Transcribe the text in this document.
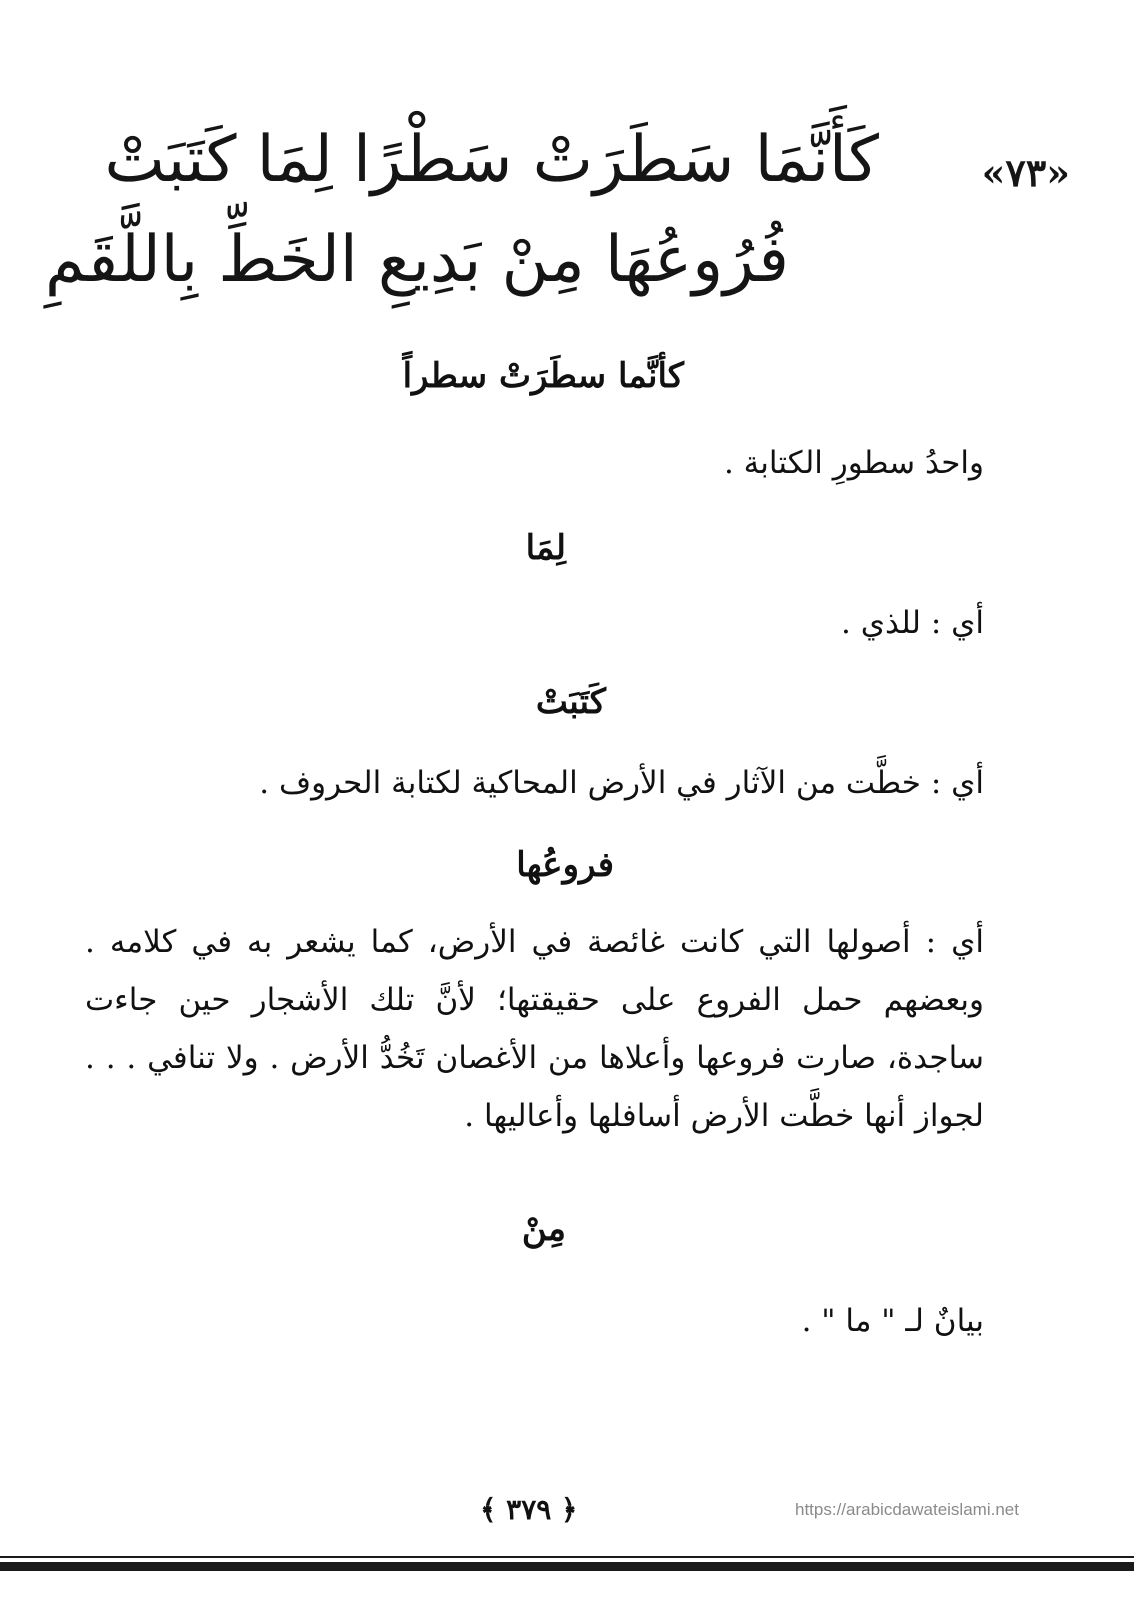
«٧٣»
كَأَنَّمَا سَطَرَتْ سَطْرًا لِمَا كَتَبَتْ
فُرُوعُهَا مِنْ بَدِيعِ الخَطِّ بِاللَّقَمِ
كأنَّما سطَرَتْ سطراً
واحدُ سطورِ الكتابة .
لِمَا
أي : للذي .
كَتَبَتْ
أي : خطَّت من الآثار في الأرض المحاكية لكتابة الحروف .
فروعُها
أي : أصولها التي كانت غائصة في الأرض، كما يشعر به في كلامه . وبعضهم حمل الفروع على حقيقتها؛ لأنَّ تلك الأشجار حين جاءت ساجدة، صارت فروعها وأعلاها من الأغصان تَخُدُّ الأرض . ولا تنافي . . . لجواز أنها خطَّت الأرض أسافلها وأعاليها .
مِنْ
بيانٌ لـ " ما " .
﴿ ٣٧٩ ﴾	https://arabicdawateislami.net
